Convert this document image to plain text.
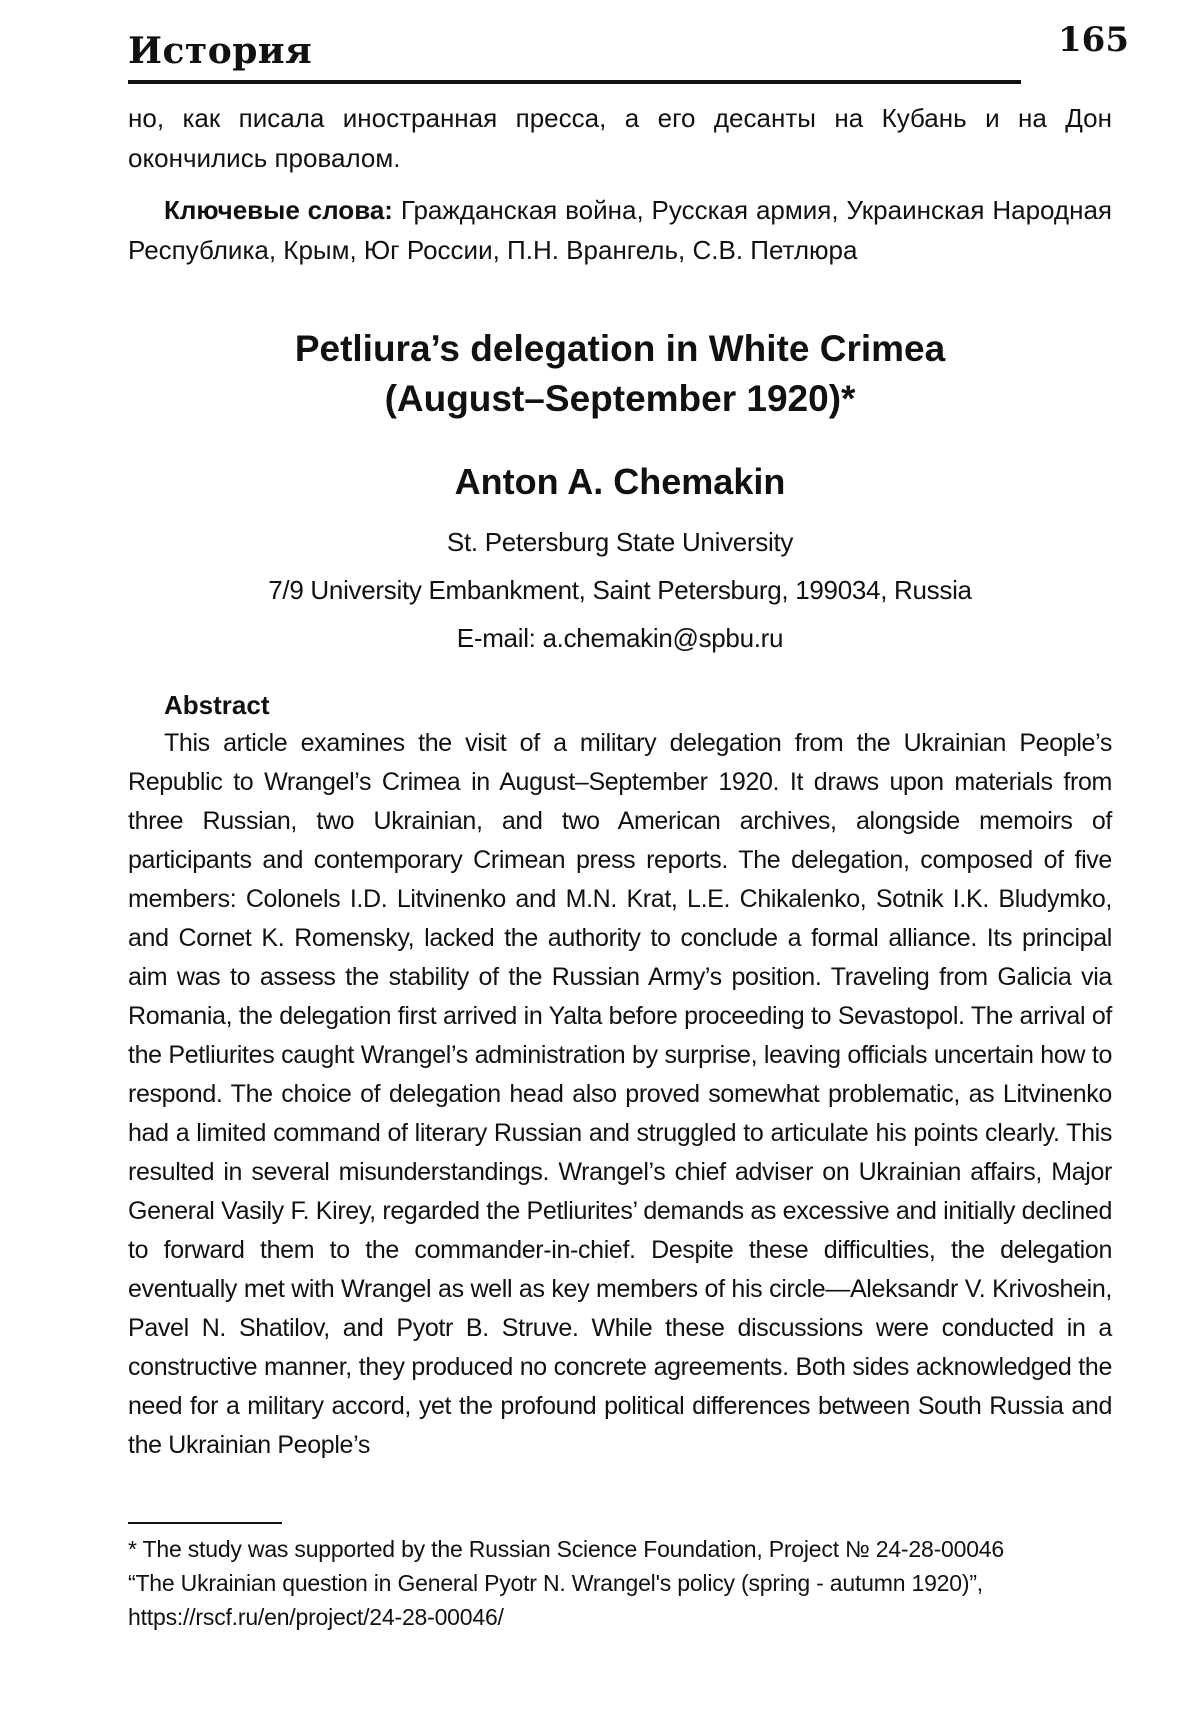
История	165

но, как писала иностранная пресса, а его десанты на Кубань и на Дон окончились провалом.

Ключевые слова: Гражданская война, Русская армия, Украинская Народная Республика, Крым, Юг России, П.Н. Врангель, С.В. Петлюра

Petliura’s delegation in White Crimea
(August–September 1920)*
Anton A. Chemakin
St. Petersburg State University
7/9 University Embankment, Saint Petersburg, 199034, Russia
E-mail: a.chemakin@spbu.ru
Abstract

This article examines the visit of a military delegation from the Ukrainian People’s Republic to Wrangel’s Crimea in August–September 1920. It draws upon materials from three Russian, two Ukrainian, and two American archives, alongside memoirs of participants and contemporary Crimean press reports. The delegation, composed of five members: Colonels I.D. Litvinenko and M.N. Krat, L.E. Chikalenko, Sotnik I.K. Bludymko, and Cornet K. Romensky, lacked the authority to conclude a formal alliance. Its principal aim was to assess the stability of the Russian Army’s position. Traveling from Galicia via Romania, the delegation first arrived in Yalta before proceeding to Sevastopol. The arrival of the Petliurites caught Wrangel’s administration by surprise, leaving officials uncertain how to respond. The choice of delegation head also proved somewhat problematic, as Litvinenko had a limited command of literary Russian and struggled to articulate his points clearly. This resulted in several misunderstandings. Wrangel’s chief adviser on Ukrainian affairs, Major General Vasily F. Kirey, regarded the Petliurites’ demands as excessive and initially declined to forward them to the commander-in-chief. Despite these difficulties, the delegation eventually met with Wrangel as well as key members of his circle—Aleksandr V. Krivoshein, Pavel N. Shatilov, and Pyotr B. Struve. While these discussions were conducted in a constructive manner, they produced no concrete agreements. Both sides acknowledged the need for a military accord, yet the profound political differences between South Russia and the Ukrainian People’s

* The study was supported by the Russian Science Foundation, Project № 24-28-00046
“The Ukrainian question in General Pyotr N. Wrangel's policy (spring - autumn 1920)”,
https://rscf.ru/en/project/24-28-00046/
